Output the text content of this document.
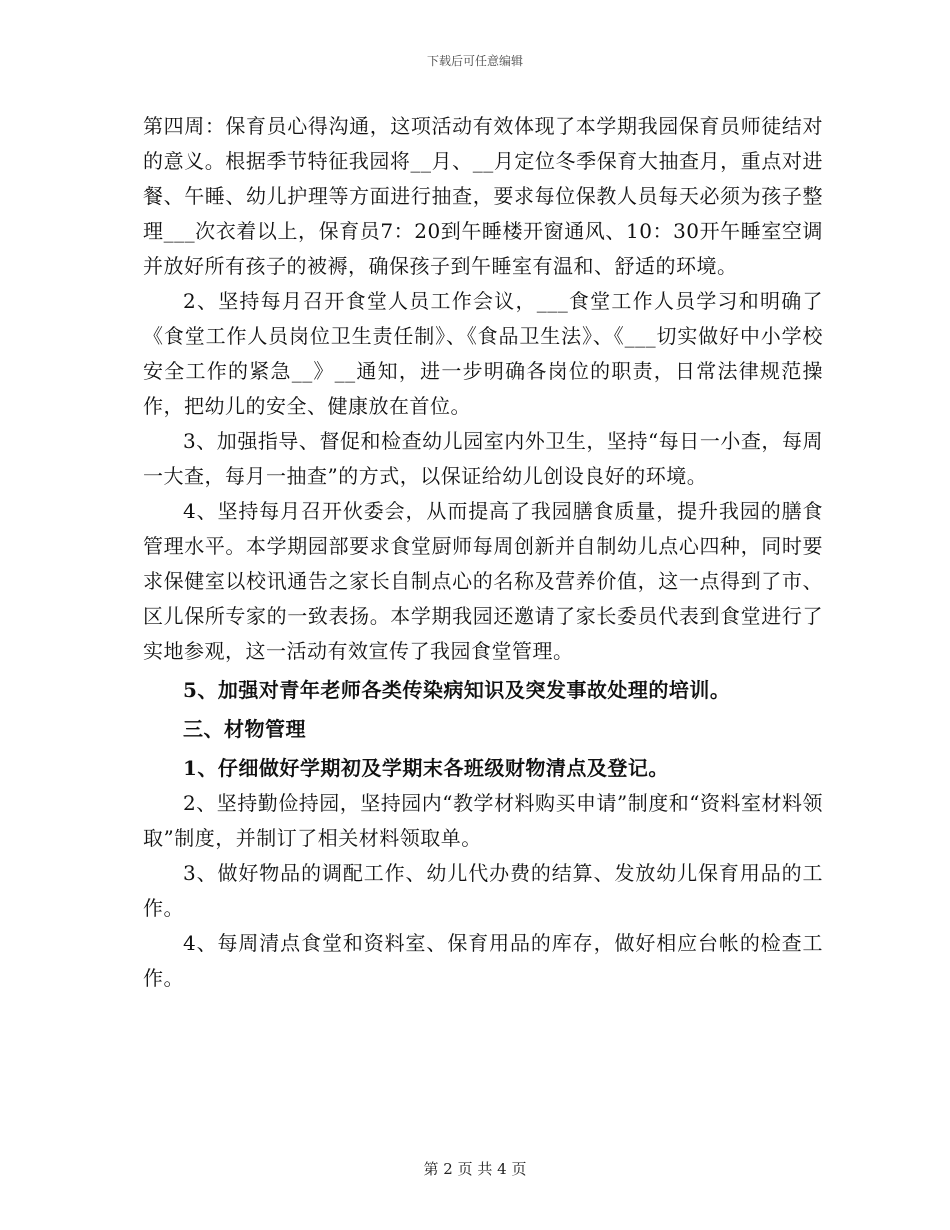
下载后可任意编辑

第四周：保育员心得沟通，这项活动有效体现了本学期我园保育员师徒结对的意义。根据季节特征我园将__月、__月定位冬季保育大抽查月，重点对进餐、午睡、幼儿护理等方面进行抽查，要求每位保教人员每天必须为孩子整理___次衣着以上，保育员7：20到午睡楼开窗通风、10：30开午睡室空调并放好所有孩子的被褥，确保孩子到午睡室有温和、舒适的环境。

2、坚持每月召开食堂人员工作会议，___食堂工作人员学习和明确了《食堂工作人员岗位卫生责任制》、《食品卫生法》、《___切实做好中小学校安全工作的紧急__》__通知，进一步明确各岗位的职责，日常法律规范操作，把幼儿的安全、健康放在首位。

3、加强指导、督促和检查幼儿园室内外卫生，坚持“每日一小查，每周一大查，每月一抽查”的方式，以保证给幼儿创设良好的环境。

4、坚持每月召开伙委会，从而提高了我园膳食质量，提升我园的膳食管理水平。本学期园部要求食堂厨师每周创新并自制幼儿点心四种，同时要求保健室以校讯通告之家长自制点心的名称及营养价值，这一点得到了市、区儿保所专家的一致表扬。本学期我园还邀请了家长委员代表到食堂进行了实地参观，这一活动有效宣传了我园食堂管理。

5、加强对青年老师各类传染病知识及突发事故处理的培训。

三、材物管理

1、仔细做好学期初及学期末各班级财物清点及登记。

2、坚持勤俭持园，坚持园内“教学材料购买申请”制度和“资料室材料领取”制度，并制订了相关材料领取单。

3、做好物品的调配工作、幼儿代办费的结算、发放幼儿保育用品的工作。

4、每周清点食堂和资料室、保育用品的库存，做好相应台帐的检查工作。

第 2 页 共 4 页
